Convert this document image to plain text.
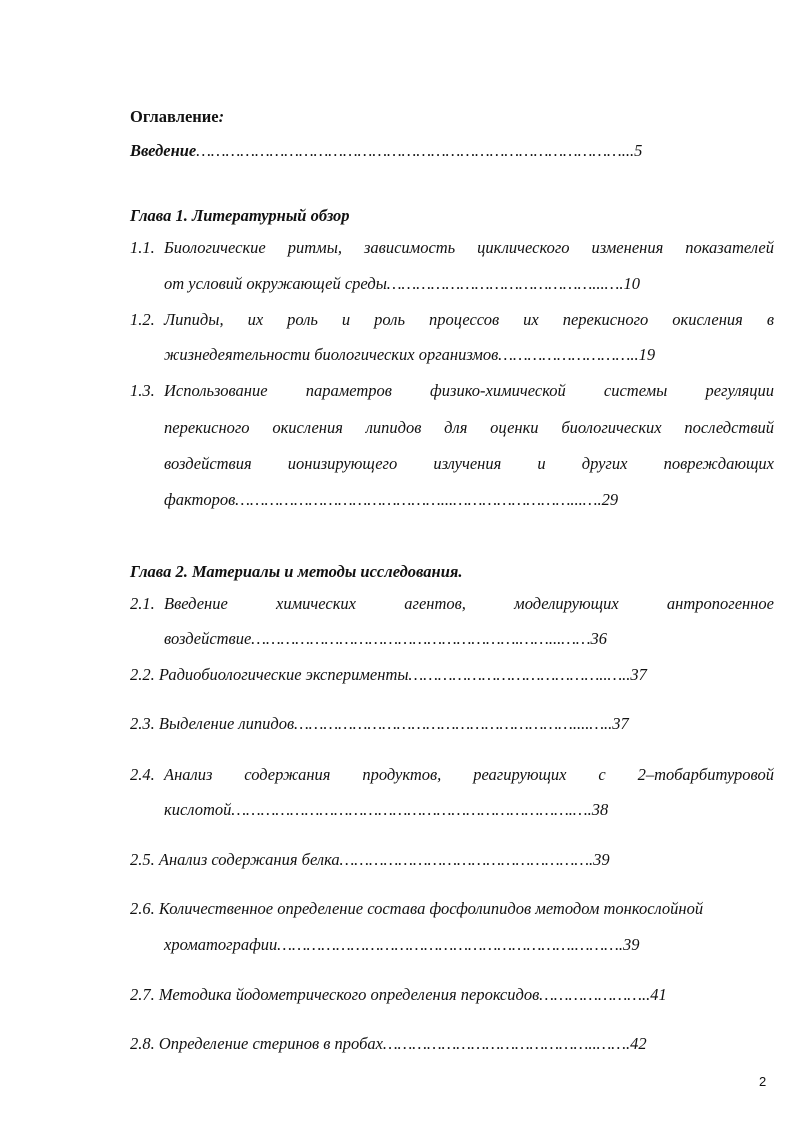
Оглавление:
Введение……………………………………………………………………………...5
Глава 1. Литературный обзор
1.1. Биологические ритмы, зависимость циклического изменения показателей
от условий окружающей среды……………………………………...….10
1.2. Липиды, их роль и роль процессов их перекисного окисления в
жизнедеятельности биологических организмов………………………..19
1.3. Использование параметров физико-химической системы регуляции
перекисного окисления липидов для оценки биологических последствий
воздействия ионизирующего излучения и других повреждающих
факторов……………………………………...……………………...….29
Глава 2. Материалы и методы исследования.
2.1. Введение химических агентов, моделирующих антропогенное
воздействие……………………………………………….……...……36
2.2. Радиобиологические эксперименты…………………………………..…..37
2.3. Выделение липидов…………………………………………………....…..37
2.4. Анализ содержания продуктов, реагирующих с 2–тобарбитуровой
кислотой…………………………………………………………….….38
2.5. Анализ содержания белка…………………………………………….39
2.6. Количественное определение состава фосфолипидов методом тонкослойной
хроматографии…………………………………………………….……….39
2.7. Методика йодометрического определения пероксидов…………………..41
2.8. Определение стеринов в пробах……………………………………..…….42
2
